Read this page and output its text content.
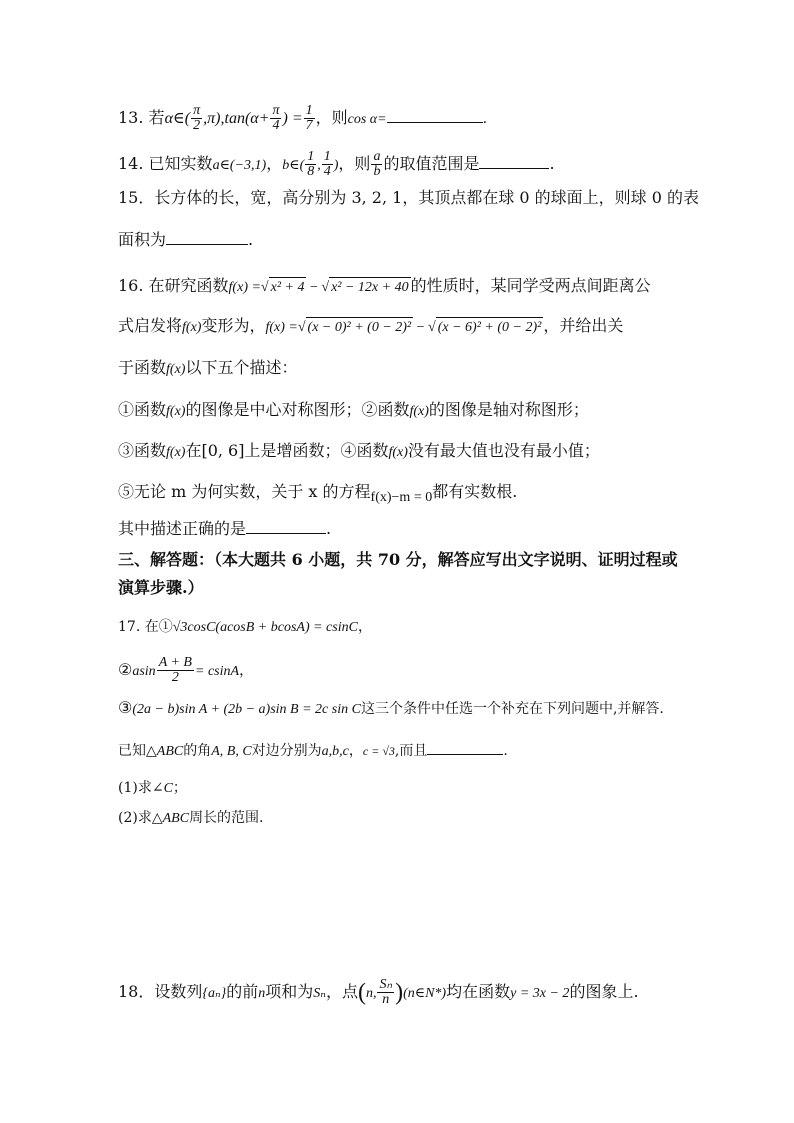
13. 若α∈( $\frac{\pi}{2} ,\pi),\tan(\alpha+ \frac{\pi}{4}$ ) = $\frac{1}{7}$ ，则cos α=	.
14. 已知实数a∈(−3,1)，b∈( $\frac{1}{8}$ , $\frac{1}{4}$ )，则 $\frac{a}{b}$ 的取值范围是	.
15．长方体的长，宽，高分别为 3, 2, 1，其顶点都在球 0 的球面上，则球 0 的表
面积为	.
16. 在研究函数f(x) =√ x² + 4 − √ x² − 12x + 40 的性质时，某同学受两点间距离公
式启发将f(x)变形为，f(x) =√ (x − 0)² + (0 − 2)² − √ (x − 6)² + (0 − 2)² ，并给出关
于函数f(x)以下五个描述：
①函数f(x)的图像是中心对称图形；②函数f(x)的图像是轴对称图形；
③函数f(x)在[0, 6]上是增函数；④函数f(x)没有最大值也没有最小值；
⑤无论 m 为何实数，关于 x 的方程f(x)−m = 0都有实数根.
其中描述正确的是	.
三、解答题：（本大题共 6 小题，共 70 分，解答应写出文字说明、证明过程或
演算步骤.）
17. 在①√3cosC(acosB + bcosA) = csinC，
②asin $\frac{A + B}{2} = csinA$，
③(2a − b)sin A + (2b − a)sin B = 2c sin C这三个条件中任选一个补充在下列问题中,并解答.
已知△ABC的角A, B, C对边分别为a,b,c，c = √3,而且	.
(1)求∠C；
(2)求△ABC周长的范围.
18．设数列{aₙ}的前n项和为Sₙ，点(n, $\frac{\text{Sₙ}}{n}$ )(n∈N*)均在函数y = 3x − 2的图象上.
